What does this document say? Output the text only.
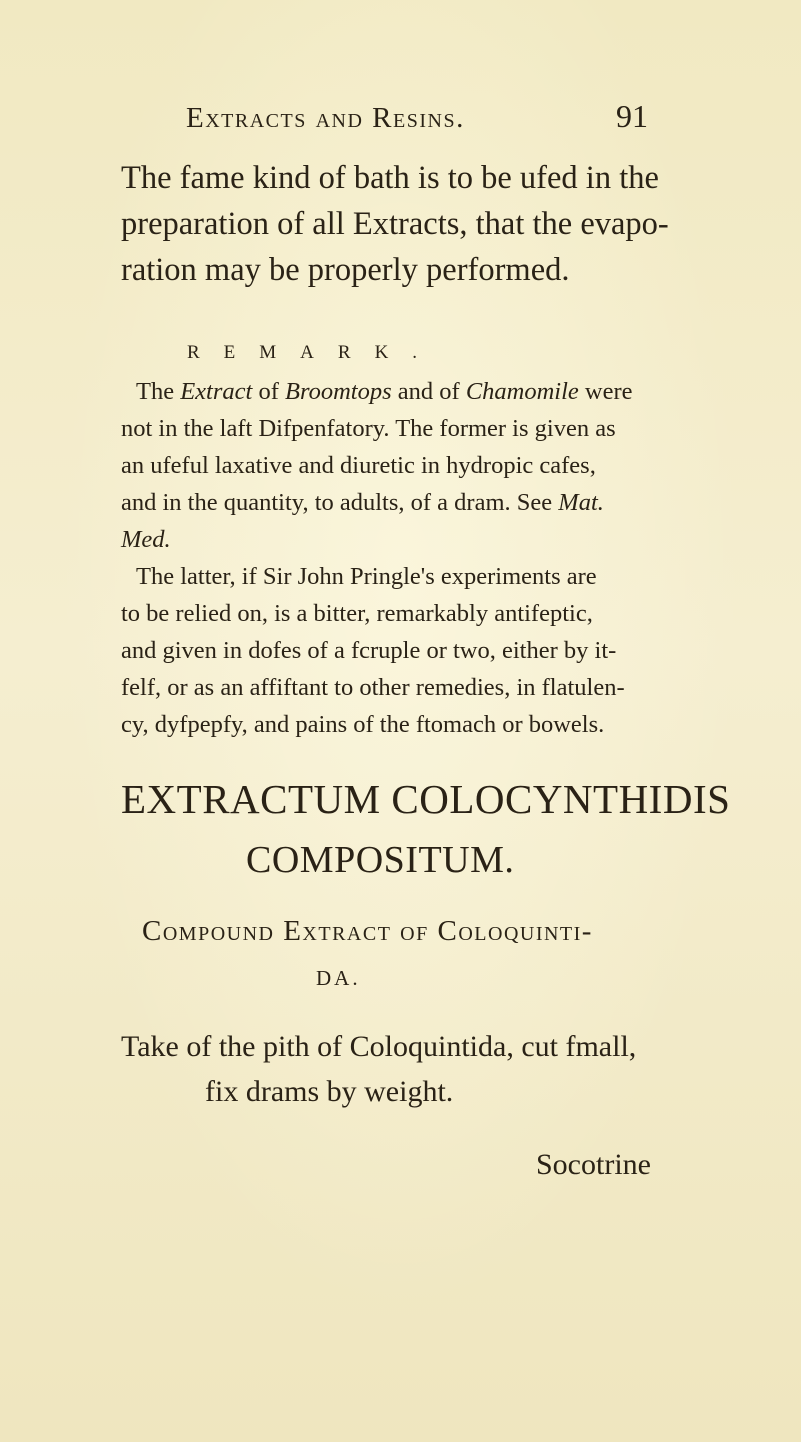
Extracts and Resins.	91
The fame kind of bath is to be ufed in the
preparation of all Extracts, that the evapo-
ration may be properly performed.
REMARK.
The Extract of Broomtops and of Chamomile were
not in the laft Difpenfatory. The former is given as
an ufeful laxative and diuretic in hydropic cafes,
and in the quantity, to adults, of a dram. See Mat.
Med.
The latter, if Sir John Pringle's experiments are
to be relied on, is a bitter, remarkably antifeptic,
and given in dofes of a fcruple or two, either by it-
felf, or as an affiftant to other remedies, in flatulen-
cy, dyfpepfy, and pains of the ftomach or bowels.
EXTRACTUM COLOCYNTHIDIS
COMPOSITUM.
Compound Extract of Coloquinti-
DA.
Take of the pith of Coloquintida, cut fmall,
fix drams by weight.
Socotrine
